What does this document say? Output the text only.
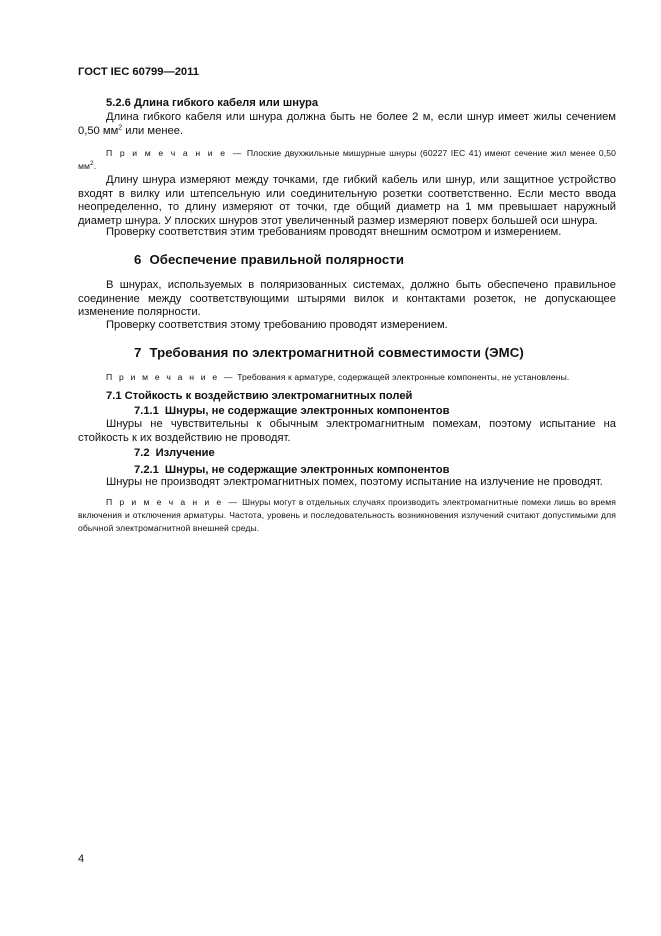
ГОСТ IEC 60799—2011
5.2.6 Длина гибкого кабеля или шнура

Длина гибкого кабеля или шнура должна быть не более 2 м, если шнур имеет жилы сечением 0,50 $мм^2$ или менее.

П р и м е ч а н и е — Плоские двухжильные мишурные шнуры (60227 IEC 41) имеют сечение жил менее 0,50 $мм^2$.

Длину шнура измеряют между точками, где гибкий кабель или шнур, или защитное устройство входят в вилку или штепсельную или соединительную розетки соответственно. Если место ввода неопределенно, то длину измеряют от точки, где общий диаметр на 1 мм превышает наружный диаметр шнура. У плоских шнуров этот увеличенный размер измеряют поверх большей оси шнура.

Проверку соответствия этим требованиям проводят внешним осмотром и измерением.

6 Обеспечение правильной полярности

В шнурах, используемых в поляризованных системах, должно быть обеспечено правильное соединение между соответствующими штырями вилок и контактами розеток, не допускающее изменение полярности.

Проверку соответствия этому требованию проводят измерением.

7 Требования по электромагнитной совместимости (ЭМС)

П р и м е ч а н и е — Требования к арматуре, содержащей электронные компоненты, не установлены.

7.1 Стойкость к воздействию электромагнитных полей
7.1.1 Шнуры, не содержащие электронных компонентов

Шнуры не чувствительны к обычным электромагнитным помехам, поэтому испытание на стойкость к их воздействию не проводят.

7.2 Излучение
7.2.1 Шнуры, не содержащие электронных компонентов

Шнуры не производят электромагнитных помех, поэтому испытание на излучение не проводят.

П р и м е ч а н и е — Шнуры могут в отдельных случаях производить электромагнитные помехи лишь во время включения и отключения арматуры. Частота, уровень и последовательность возникновения излучений считают допустимыми для обычной электромагнитной внешней среды.

4
